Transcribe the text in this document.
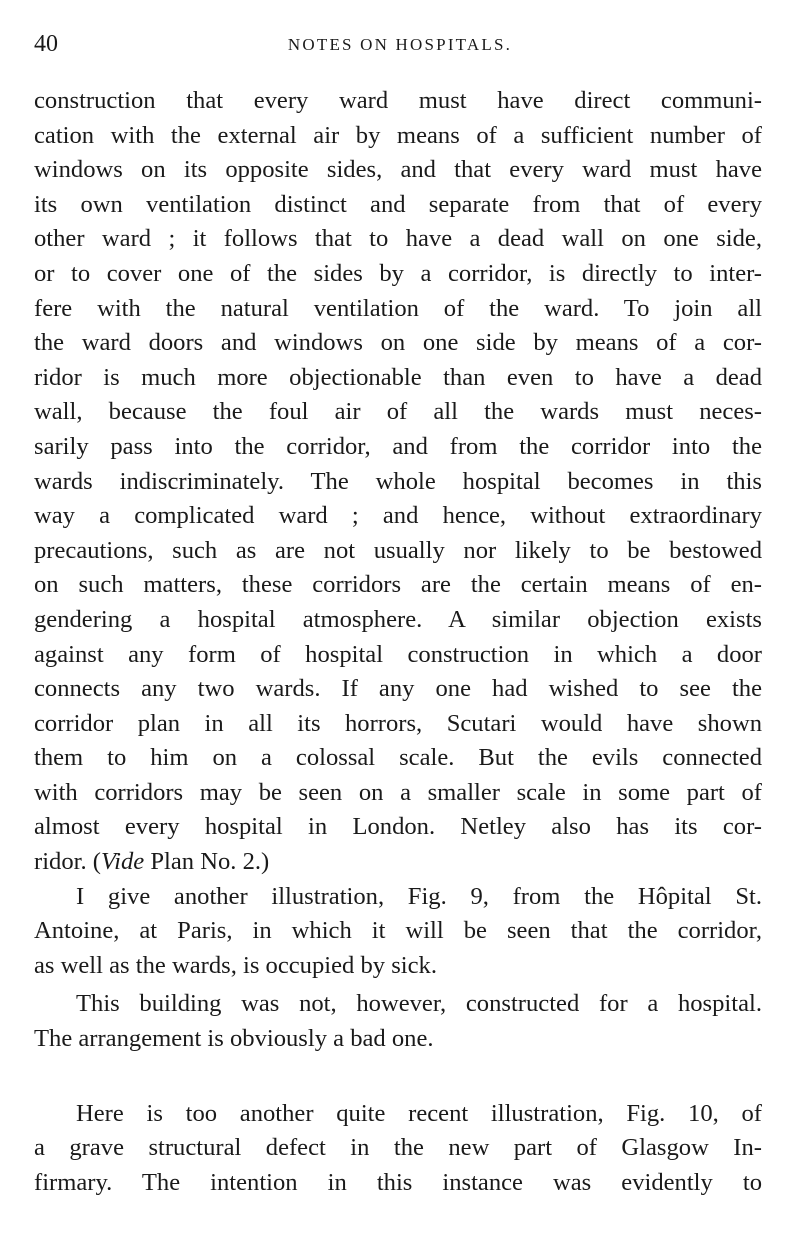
40	NOTES ON HOSPITALS.
construction that every ward must have direct communi-
cation with the external air by means of a sufficient number of
windows on its opposite sides, and that every ward must have
its own ventilation distinct and separate from that of every
other ward ; it follows that to have a dead wall on one side,
or to cover one of the sides by a corridor, is directly to inter-
fere with the natural ventilation of the ward. To join all
the ward doors and windows on one side by means of a cor-
ridor is much more objectionable than even to have a dead
wall, because the foul air of all the wards must neces-
sarily pass into the corridor, and from the corridor into the
wards indiscriminately. The whole hospital becomes in this
way a complicated ward ; and hence, without extraordinary
precautions, such as are not usually nor likely to be bestowed
on such matters, these corridors are the certain means of en-
gendering a hospital atmosphere. A similar objection exists
against any form of hospital construction in which a door
connects any two wards. If any one had wished to see the
corridor plan in all its horrors, Scutari would have shown
them to him on a colossal scale. But the evils connected
with corridors may be seen on a smaller scale in some part of
almost every hospital in London. Netley also has its cor-
ridor. (Vide Plan No. 2.)
I give another illustration, Fig. 9, from the Hôpital St.
Antoine, at Paris, in which it will be seen that the corridor,
as well as the wards, is occupied by sick.
This building was not, however, constructed for a hospital.
The arrangement is obviously a bad one.
Here is too another quite recent illustration, Fig. 10, of
a grave structural defect in the new part of Glasgow In-
firmary. The intention in this instance was evidently to
